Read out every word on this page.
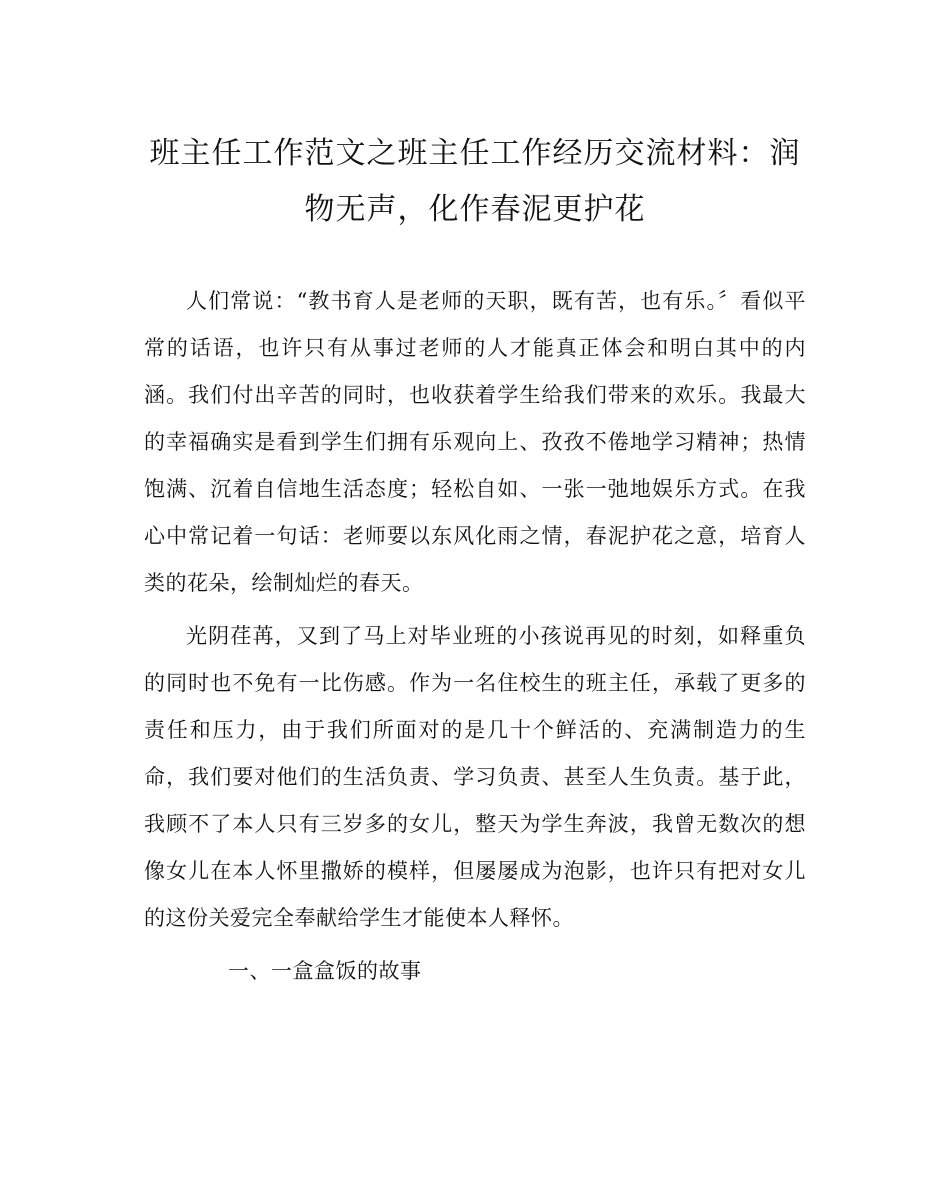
班主任工作范文之班主任工作经历交流材料：润物无声，化作春泥更护花

人们常说：“教书育人是老师的天职，既有苦，也有乐。〞看似平常的话语，也许只有从事过老师的人才能真正体会和明白其中的内涵。我们付出辛苦的同时，也收获着学生给我们带来的欢乐。我最大的幸福确实是看到学生们拥有乐观向上、孜孜不倦地学习精神；热情饱满、沉着自信地生活态度；轻松自如、一张一弛地娱乐方式。在我心中常记着一句话：老师要以东风化雨之情，春泥护花之意，培育人类的花朵，绘制灿烂的春天。

光阴荏苒，又到了马上对毕业班的小孩说再见的时刻，如释重负的同时也不免有一比伤感。作为一名住校生的班主任，承载了更多的责任和压力，由于我们所面对的是几十个鲜活的、充满制造力的生命，我们要对他们的生活负责、学习负责、甚至人生负责。基于此，我顾不了本人只有三岁多的女儿，整天为学生奔波，我曾无数次的想像女儿在本人怀里撒娇的模样，但屡屡成为泡影，也许只有把对女儿的这份关爱完全奉献给学生才能使本人释怀。

一、一盒盒饭的故事
